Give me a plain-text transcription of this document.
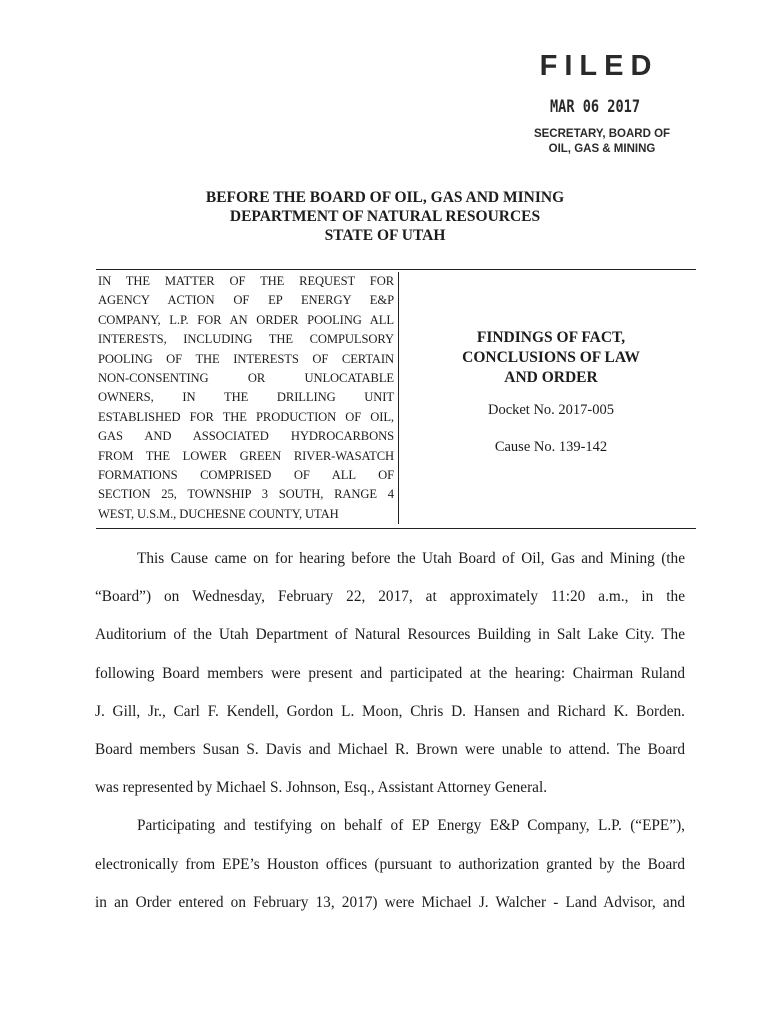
FILED
MAR 06 2017
SECRETARY, BOARD OF
OIL, GAS & MINING
BEFORE THE BOARD OF OIL, GAS AND MINING
DEPARTMENT OF NATURAL RESOURCES
STATE OF UTAH
IN THE MATTER OF THE REQUEST FOR
AGENCY ACTION OF EP ENERGY E&P
COMPANY, L.P. FOR AN ORDER POOLING ALL
INTERESTS, INCLUDING THE COMPULSORY
POOLING OF THE INTERESTS OF CERTAIN
NON-CONSENTING OR UNLOCATABLE
OWNERS, IN THE DRILLING UNIT
ESTABLISHED FOR THE PRODUCTION OF OIL,
GAS AND ASSOCIATED HYDROCARBONS
FROM THE LOWER GREEN RIVER-WASATCH
FORMATIONS COMPRISED OF ALL OF
SECTION 25, TOWNSHIP 3 SOUTH, RANGE 4
WEST, U.S.M., DUCHESNE COUNTY, UTAH
FINDINGS OF FACT,
CONCLUSIONS OF LAW
AND ORDER
Docket No. 2017-005
Cause No. 139-142
This Cause came on for hearing before the Utah Board of Oil, Gas and Mining (the
“Board”) on Wednesday, February 22, 2017, at approximately 11:20 a.m., in the
Auditorium of the Utah Department of Natural Resources Building in Salt Lake City. The
following Board members were present and participated at the hearing: Chairman Ruland
J. Gill, Jr., Carl F. Kendell, Gordon L. Moon, Chris D. Hansen and Richard K. Borden.
Board members Susan S. Davis and Michael R. Brown were unable to attend. The Board
was represented by Michael S. Johnson, Esq., Assistant Attorney General.
Participating and testifying on behalf of EP Energy E&P Company, L.P. (“EPE”),
electronically from EPE’s Houston offices (pursuant to authorization granted by the Board
in an Order entered on February 13, 2017) were Michael J. Walcher - Land Advisor, and
